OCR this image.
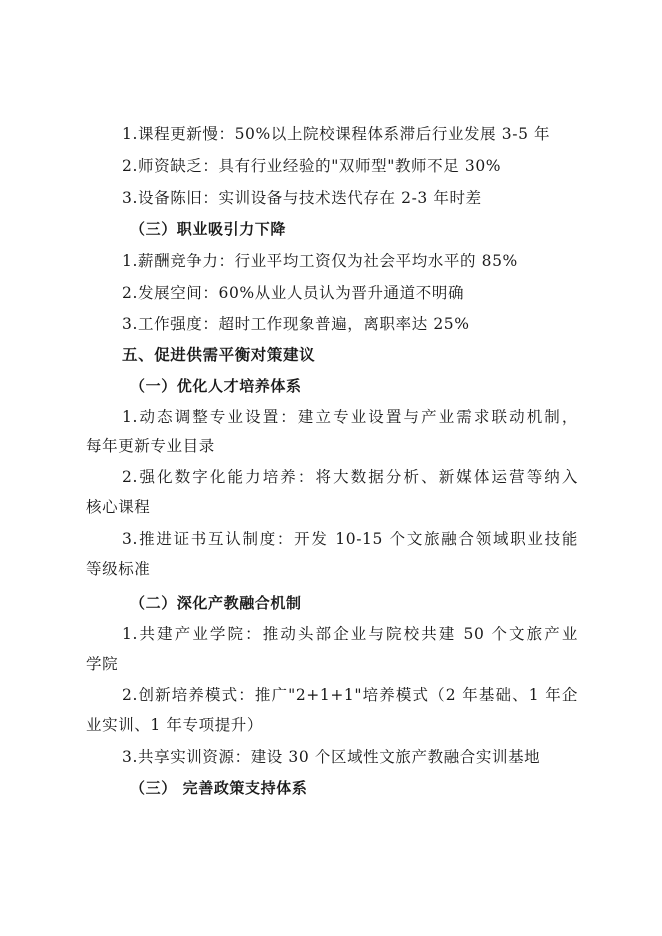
1.课程更新慢：50%以上院校课程体系滞后行业发展 3-5 年
2.师资缺乏：具有行业经验的"双师型"教师不足 30%
3.设备陈旧：实训设备与技术迭代存在 2-3 年时差
（三）职业吸引力下降
1.薪酬竞争力：行业平均工资仅为社会平均水平的 85%
2.发展空间：60%从业人员认为晋升通道不明确
3.工作强度：超时工作现象普遍，离职率达 25%
五、促进供需平衡对策建议
（一）优化人才培养体系
1.动态调整专业设置：建立专业设置与产业需求联动机制，
每年更新专业目录
2.强化数字化能力培养：将大数据分析、新媒体运营等纳入
核心课程
3.推进证书互认制度：开发 10-15 个文旅融合领域职业技能
等级标准
（二）深化产教融合机制
1.共建产业学院：推动头部企业与院校共建 50 个文旅产业
学院
2.创新培养模式：推广"2+1+1"培养模式（2 年基础、1 年企
业实训、1 年专项提升）
3.共享实训资源：建设 30 个区域性文旅产教融合实训基地
（三） 完善政策支持体系
